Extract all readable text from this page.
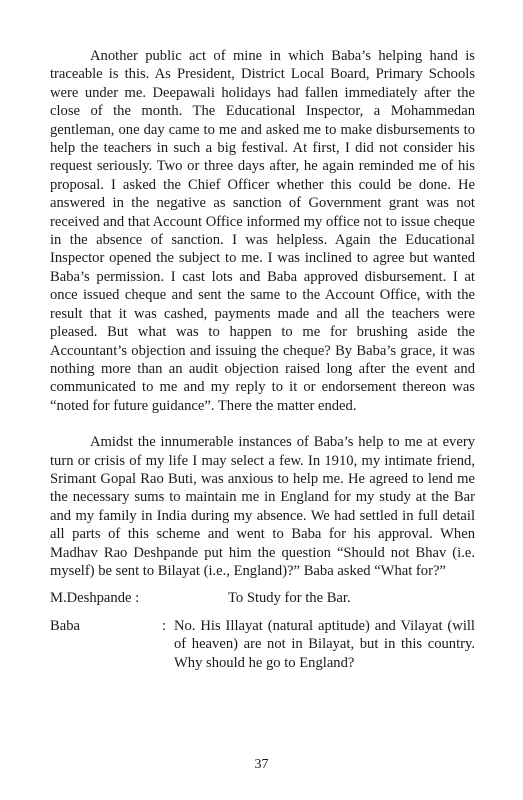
Another public act of mine in which Baba’s helping hand is traceable is this. As President, District Local Board, Primary Schools were under me. Deepawali holidays had fallen immediately after the close of the month. The Educational Inspector, a Mohammedan gentleman, one day came to me and asked me to make disbursements to help the teachers in such a big festival. At first, I did not consider his request seriously. Two or three days after, he again reminded me of his proposal. I asked the Chief Officer whether this could be done. He answered in the negative as sanction of Government grant was not received and that Account Office informed my office not to issue cheque in the absence of sanction. I was helpless. Again the Educational Inspector opened the subject to me. I was inclined to agree but wanted Baba’s permission. I cast lots and Baba approved disbursement. I at once issued cheque and sent the same to the Account Office, with the result that it was cashed, payments made and all the teachers were pleased. But what was to happen to me for brushing aside the Accountant’s objection and issuing the cheque? By Baba’s grace, it was nothing more than an audit objection raised long after the event and communicated to me and my reply to it or endorsement thereon was “noted for future guidance”. There the matter ended.

Amidst the innumerable instances of Baba’s help to me at every turn or crisis of my life I may select a few. In 1910, my intimate friend, Srimant Gopal Rao Buti, was anxious to help me. He agreed to lend me the necessary sums to maintain me in England for my study at the Bar and my family in India during my absence. We had settled in full detail all parts of this scheme and went to Baba for his approval. When Madhav Rao Deshpande put him the question “Should not Bhav (i.e. myself) be sent to Bilayat (i.e., England)?” Baba asked “What for?”

M.Deshpande :	To Study for the Bar.
Baba	: No. His Illayat (natural aptitude) and Vilayat (will of heaven) are not in Bilayat, but in this country. Why should he go to England?
37
